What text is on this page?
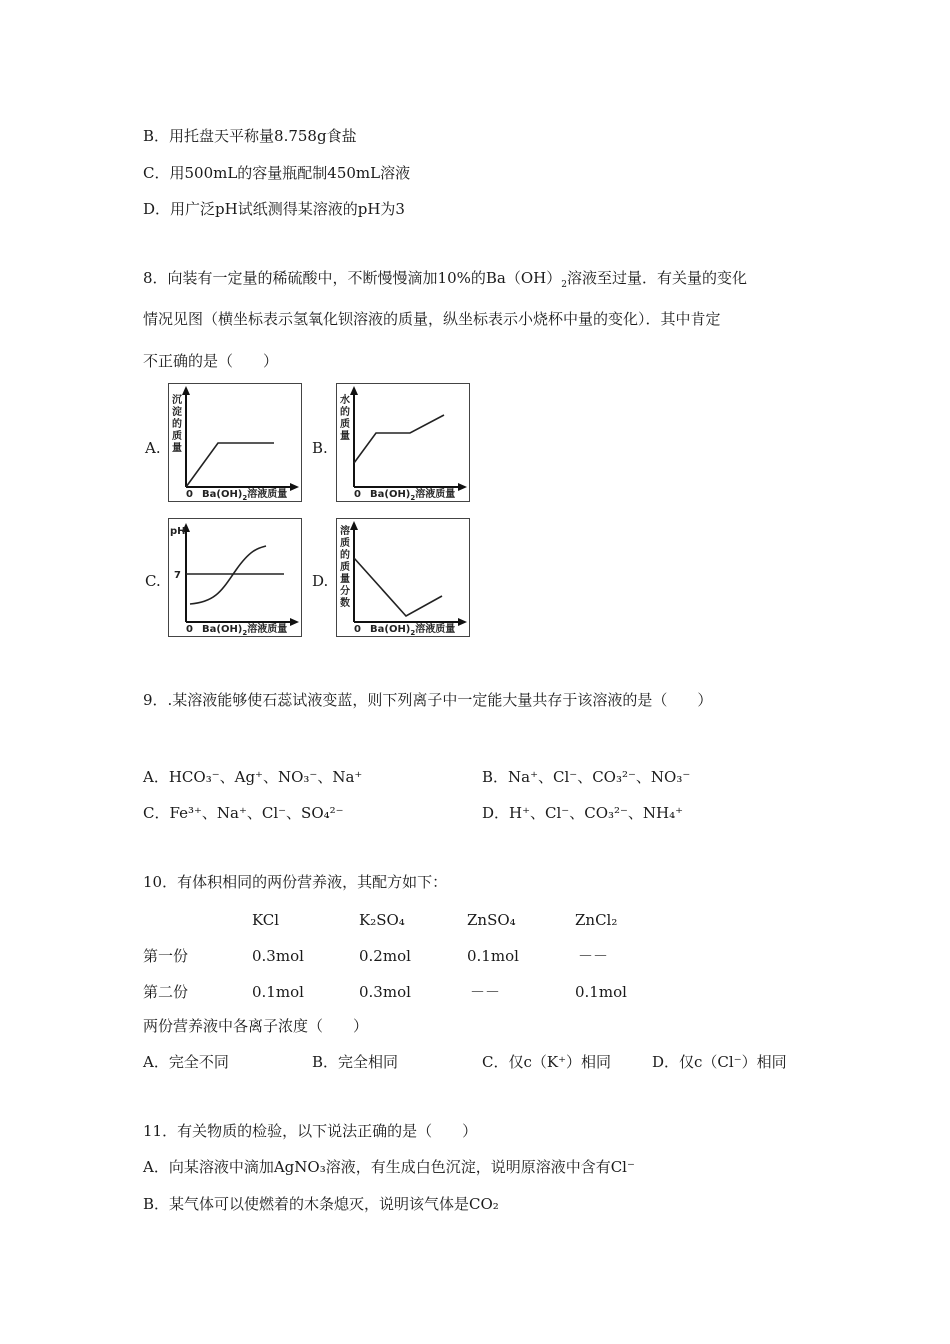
B．用托盘天平称量8.758g食盐
C．用500mL的容量瓶配制450mL溶液
D．用广泛pH试纸测得某溶液的pH为3
8．向装有一定量的稀硫酸中，不断慢慢滴加10%的$Ba(OH)_2$溶液至过量．有关量的变化
情况见图（横坐标表示氢氧化钡溶液的质量，纵坐标表示小烧杯中量的变化）．其中肯定
不正确的是（　　）
A.	B.
C.	D.
沉
淀
的
质
量
0 $Ba(OH)_2$溶液质量
水
的
质
量
0 $Ba(OH)_2$溶液质量
pH
7
0 $Ba(OH)_2$溶液质量
溶
质
的
质
量
分
数
0 $Ba(OH)_2$溶液质量
9．.某溶液能够使石蕊试液变蓝，则下列离子中一定能大量共存于该溶液的是（　　）
A．HCO₃⁻、Ag⁺、NO₃⁻、Na⁺	B．Na⁺、Cl⁻、CO₃²⁻、NO₃⁻
C．Fe³⁺、Na⁺、Cl⁻、SO₄²⁻	D．H⁺、Cl⁻、CO₃²⁻、NH₄⁺
10．有体积相同的两份营养液，其配方如下：
KCl	K₂SO₄	ZnSO₄	ZnCl₂
第一份	0.3mol	0.2mol	0.1mol	－－
第二份	0.1mol	0.3mol	－－	0.1mol
两份营养液中各离子浓度（　　）
A．完全不同	B．完全相同	C．仅c（K⁺）相同	D．仅c（Cl⁻）相同
11．有关物质的检验，以下说法正确的是（　　）
A．向某溶液中滴加AgNO₃溶液，有生成白色沉淀，说明原溶液中含有Cl⁻
B．某气体可以使燃着的木条熄灭，说明该气体是CO₂
